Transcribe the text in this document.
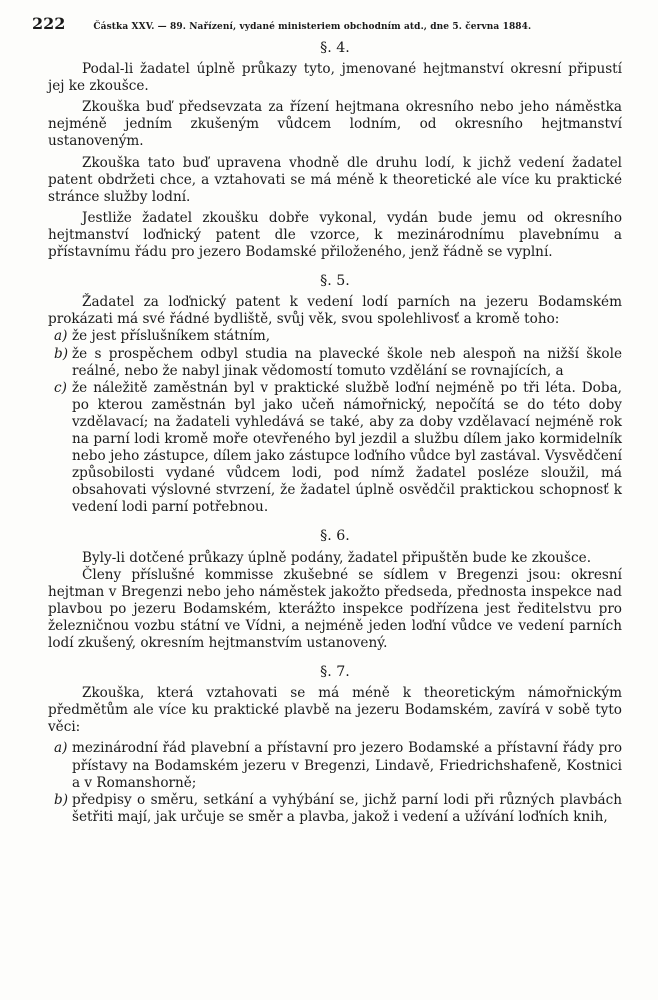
222	Částka XXV. — 89. Nařízení, vydané ministeriem obchodním atd., dne 5. června 1884.
§. 4.

Podal-li žadatel úplně průkazy tyto, jmenované hejtmanství okresní připustí jej ke zkoušce.

Zkouška buď předsevzata za řízení hejtmana okresního nebo jeho náměstka nejméně jedním zkušeným vůdcem lodním, od okresního hejtmanství ustanoveným.

Zkouška tato buď upravena vhodně dle druhu lodí, k jichž vedení žadatel patent obdržeti chce, a vztahovati se má méně k theoretické ale více ku praktické stránce služby lodní.

Jestliže žadatel zkoušku dobře vykonal, vydán bude jemu od okresního hejtmanství loďnický patent dle vzorce, k mezinárodnímu plavebnímu a přístavnímu řádu pro jezero Bodamské přiloženého, jenž řádně se vyplní.

§. 5.

Žadatel za loďnický patent k vedení lodí parních na jezeru Bodamském prokázati má své řádné bydliště, svůj věk, svou spolehlivosť a kromě toho:

a) že jest příslušníkem státním,
b) že s prospěchem odbyl studia na plavecké škole neb alespoň na nižší škole reálné, nebo že nabyl jinak vědomostí tomuto vzdělání se rovnajících, a
c) že náležitě zaměstnán byl v praktické službě loďní nejméně po tři léta. Doba, po kterou zaměstnán byl jako učeň námořnický, nepočítá se do této doby vzdělavací; na žadateli vyhledává se také, aby za doby vzdělavací nejméně rok na parní lodi kromě moře otevřeného byl jezdil a službu dílem jako kormidelník nebo jeho zástupce, dílem jako zástupce loďního vůdce byl zastával. Vysvědčení způsobilosti vydané vůdcem lodi, pod nímž žadatel posléze sloužil, má obsahovati výslovné stvrzení, že žadatel úplně osvědčil praktickou schopnosť k vedení lodi parní potřebnou.
§. 6.

Byly-li dotčené průkazy úplně podány, žadatel připuštěn bude ke zkoušce.

Členy příslušné kommisse zkušebné se sídlem v Bregenzi jsou: okresní hejtman v Bregenzi nebo jeho náměstek jakožto předseda, přednosta inspekce nad plavbou po jezeru Bodamském, kterážto inspekce podřízena jest ředitelstvu pro železničnou vozbu státní ve Vídni, a nejméně jeden loďní vůdce ve vedení parních lodí zkušený, okresním hejtmanstvím ustanovený.

§. 7.

Zkouška, která vztahovati se má méně k theoretickým námořnickým předmětům ale více ku praktické plavbě na jezeru Bodamském, zavírá v sobě tyto věci:

a) mezinárodní řád plavební a přístavní pro jezero Bodamské a přístavní řády pro přístavy na Bodamském jezeru v Bregenzi, Lindavě, Friedrichshafeně, Kostnici a v Romanshorně;
b) předpisy o směru, setkání a vyhýbání se, jichž parní lodi při různých plavbách šetřiti mají, jak určuje se směr a plavba, jakož i vedení a užívání loďních knih,
